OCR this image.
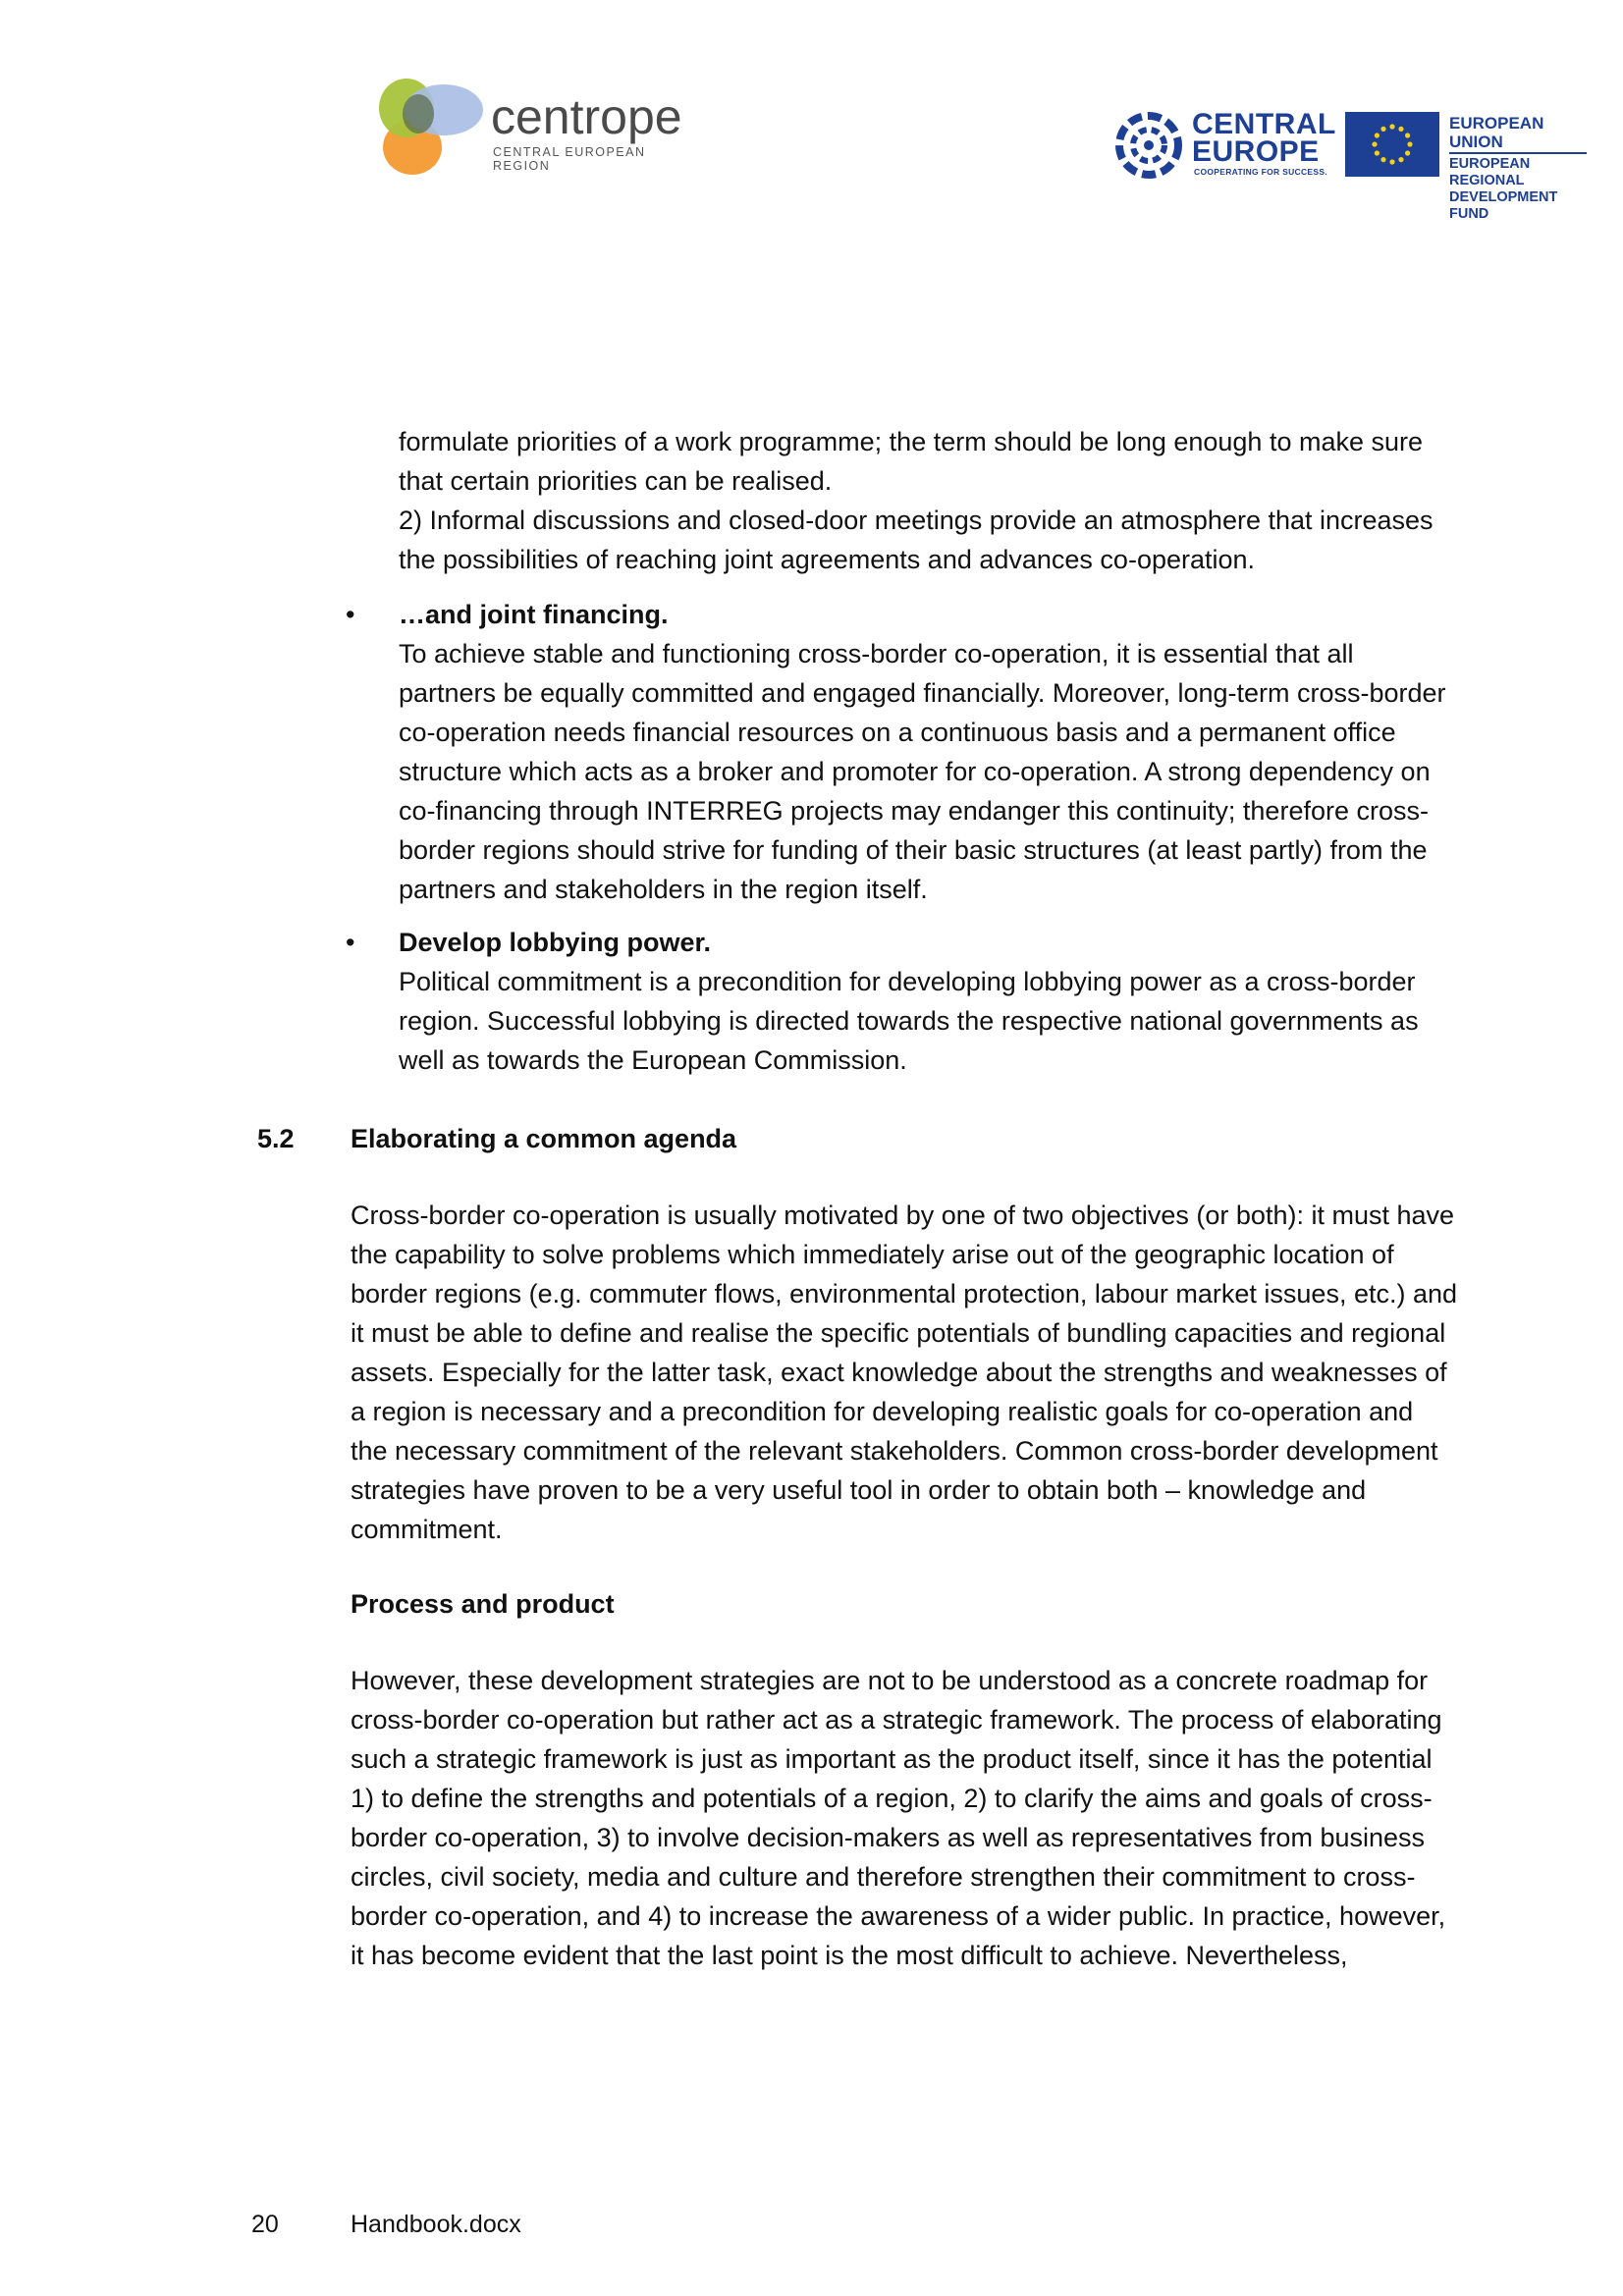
centrope
CENTRAL EUROPEAN REGION
CENTRAL
EUROPE
COOPERATING FOR SUCCESS.
EUROPEAN UNION
EUROPEAN REGIONAL
DEVELOPMENT FUND

formulate priorities of a work programme; the term should be long enough to make sure

that certain priorities can be realised.

2) Informal discussions and closed-door meetings provide an atmosphere that increases

the possibilities of reaching joint agreements and advances co-operation.

• …and joint financing.

To achieve stable and functioning cross-border co-operation, it is essential that all

partners be equally committed and engaged financially. Moreover, long-term cross-border

co-operation needs financial resources on a continuous basis and a permanent office

structure which acts as a broker and promoter for co-operation. A strong dependency on

co-financing through INTERREG projects may endanger this continuity; therefore cross-

border regions should strive for funding of their basic structures (at least partly) from the

partners and stakeholders in the region itself.

• Develop lobbying power.

Political commitment is a precondition for developing lobbying power as a cross-border

region. Successful lobbying is directed towards the respective national governments as

well as towards the European Commission.

5.2 Elaborating a common agenda

Cross-border co-operation is usually motivated by one of two objectives (or both): it must have

the capability to solve problems which immediately arise out of the geographic location of

border regions (e.g. commuter flows, environmental protection, labour market issues, etc.) and

it must be able to define and realise the specific potentials of bundling capacities and regional

assets. Especially for the latter task, exact knowledge about the strengths and weaknesses of

a region is necessary and a precondition for developing realistic goals for co-operation and

the necessary commitment of the relevant stakeholders. Common cross-border development

strategies have proven to be a very useful tool in order to obtain both – knowledge and

commitment.

Process and product

However, these development strategies are not to be understood as a concrete roadmap for

cross-border co-operation but rather act as a strategic framework. The process of elaborating

such a strategic framework is just as important as the product itself, since it has the potential

1) to define the strengths and potentials of a region, 2) to clarify the aims and goals of cross-

border co-operation, 3) to involve decision-makers as well as representatives from business

circles, civil society, media and culture and therefore strengthen their commitment to cross-

border co-operation, and 4) to increase the awareness of a wider public. In practice, however,

it has become evident that the last point is the most difficult to achieve. Nevertheless,

20	Handbook.docx
